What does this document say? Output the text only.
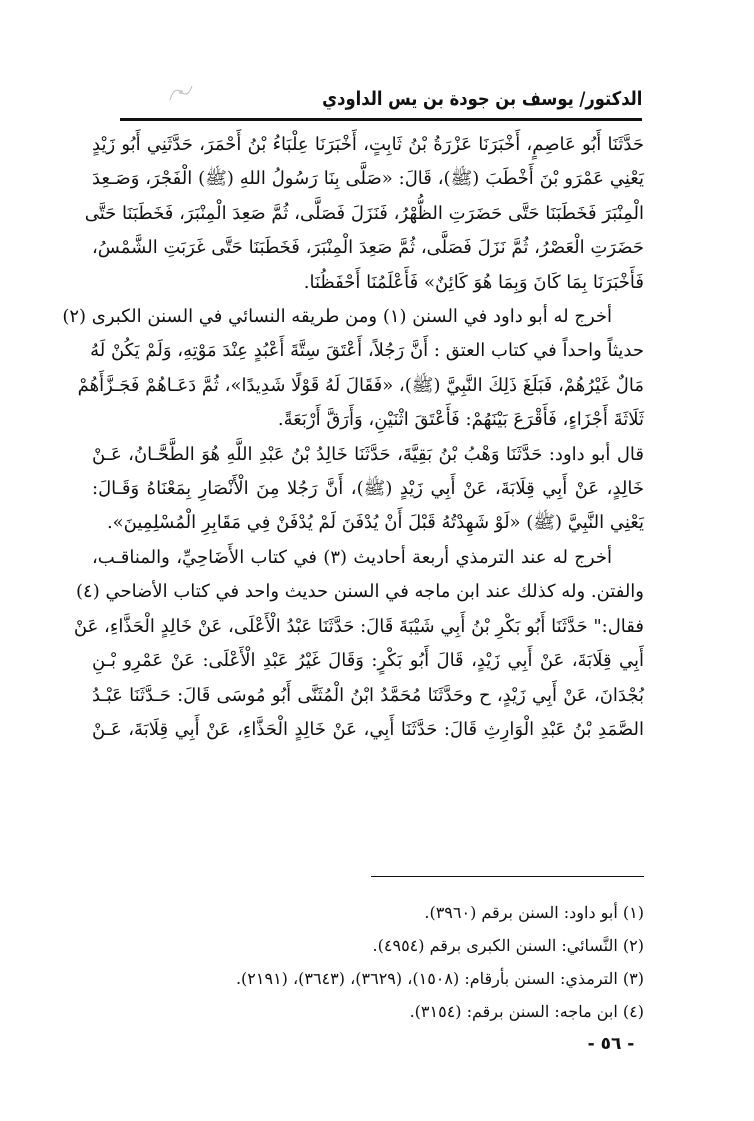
الدكتور/ يوسف بن جودة بن يس الداودي
حَدَّثَنَا أَبُو عَاصِمٍ، أَخْبَرَنَا عَزْرَةُ بْنُ ثَابِتٍ، أَخْبَرَنَا عِلْبَاءُ بْنُ أَحْمَرَ، حَدَّثَنِي أَبُو زَيْدٍ
يَعْنِي عَمْرَو بْنَ أَخْطَبَ (ﷺ)، قَالَ: «صَلَّى بِنَا رَسُولُ اللهِ (ﷺ) الْفَجْرَ، وَصَـعِدَ
الْمِنْبَرَ فَخَطَبَنَا حَتَّى حَضَرَتِ الظُّهْرُ، فَنَزَلَ فَصَلَّى، ثُمَّ صَعِدَ الْمِنْبَرَ، فَخَطَبَنَا حَتَّى
حَضَرَتِ الْعَصْرُ، ثُمَّ نَزَلَ فَصَلَّى، ثُمَّ صَعِدَ الْمِنْبَرَ، فَخَطَبَنَا حَتَّى غَرَبَتِ الشَّمْسُ،
فَأَخْبَرَنَا بِمَا كَانَ وَبِمَا هُوَ كَائِنٌ» فَأَعْلَمُنَا أَحْفَظُنَا.
أخرج له أبو داود في السنن (١) ومن طريقه النسائي في السنن الكبرى (٢)
حديثاً واحداً في كتاب العتق : أَنَّ رَجُلاً، أَعْتَقَ سِتَّةَ أَعْبُدٍ عِنْدَ مَوْتِهِ، وَلَمْ يَكُنْ لَهُ
مَالٌ غَيْرُهُمْ، فَبَلَغَ ذَلِكَ النَّبِيَّ (ﷺ)، «فَقَالَ لَهُ قَوْلًا شَدِيدًا»، ثُمَّ دَعَـاهُمْ فَجَـزَّأَهُمْ
ثَلَاثَةَ أَجْزَاءٍ، فَأَقْرَعَ بَيْنَهُمْ: فَأَعْتَقَ اثْنَيْنِ، وَأَرَقَّ أَرْبَعَةً.
قال أبو داود: حَدَّثَنَا وَهْبُ بْنُ بَقِيَّةَ، حَدَّثَنَا خَالِدُ بْنُ عَبْدِ اللَّهِ هُوَ الطَّحَّـانُ، عَـنْ
خَالِدٍ، عَنْ أَبِي قِلَابَةَ، عَنْ أَبِي زَيْدٍ (ﷺ)، أَنَّ رَجُلا مِنَ الْأَنْصَارِ بِمَعْنَاهُ وَقَـالَ:
يَعْنِي النَّبِيَّ (ﷺ) «لَوْ شَهِدْتُهُ قَبْلَ أَنْ يُدْفَنَ لَمْ يُدْفَنْ فِي مَقَابِرِ الْمُسْلِمِينَ».
أخرج له عند الترمذي أربعة أحاديث (٣) في كتاب الأَضَاحِيِّ، والمناقـب،
والفتن. وله كذلك عند ابن ماجه في السنن حديث واحد في كتاب الأضاحي (٤)
فقال:" حَدَّثَنَا أَبُو بَكْرِ بْنُ أَبِي شَيْبَةَ قَالَ: حَدَّثَنَا عَبْدُ الْأَعْلَى، عَنْ خَالِدٍ الْحَذَّاءِ، عَنْ
أَبِي قِلَابَةَ، عَنْ أَبِي زَيْدٍ، قَالَ أَبُو بَكْرٍ: وَقَالَ غَيْرُ عَبْدِ الْأَعْلَى: عَنْ عَمْرِو بْـنِ
بُجْدَانَ، عَنْ أَبِي زَيْدٍ، ح وحَدَّثَنَا مُحَمَّدُ ابْنُ الْمُثَنَّى أَبُو مُوسَى قَالَ: حَـدَّثَنَا عَبْـدُ
الصَّمَدِ بْنُ عَبْدِ الْوَارِثِ قَالَ: حَدَّثَنَا أَبِي، عَنْ خَالِدٍ الْحَذَّاءِ، عَنْ أَبِي قِلَابَةَ، عَـنْ
(١) أبو داود: السنن برقم (٣٩٦٠).
(٢) النَّسائي: السنن الكبرى برقم (٤٩٥٤).
(٣) الترمذي: السنن بأرقام: (١٥٠٨)، (٣٦٢٩)، (٣٦٤٣)، (٢١٩١).
(٤) ابن ماجه: السنن برقم: (٣١٥٤).
- ٥٦ -
